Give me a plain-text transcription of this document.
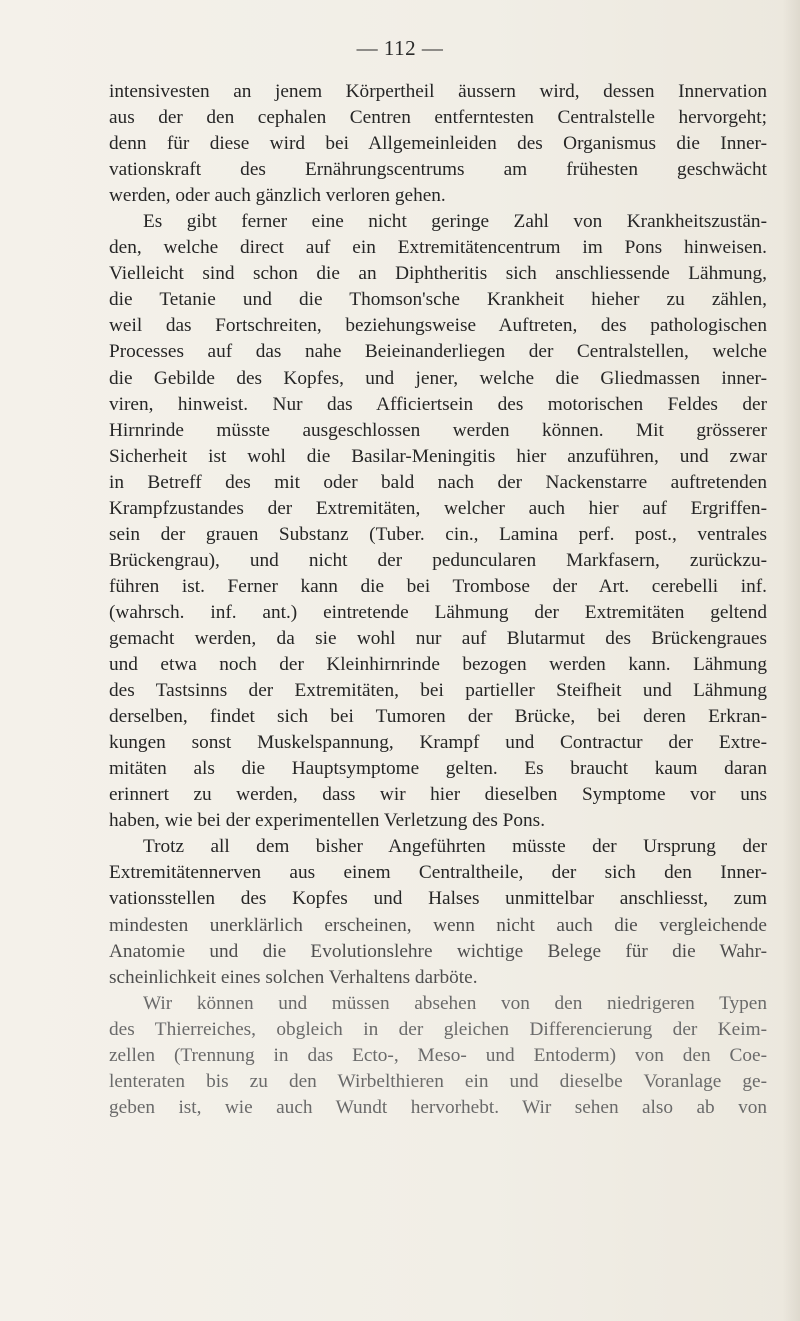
— 112 —
intensivesten an jenem Körpertheil äussern wird, dessen Innervation
aus der den cephalen Centren entferntesten Centralstelle hervorgeht;
denn für diese wird bei Allgemeinleiden des Organismus die Inner-
vationskraft des Ernährungscentrums am frühesten geschwächt
werden, oder auch gänzlich verloren gehen.
Es gibt ferner eine nicht geringe Zahl von Krankheitszustän-
den, welche direct auf ein Extremitätencentrum im Pons hinweisen.
Vielleicht sind schon die an Diphtheritis sich anschliessende Lähmung,
die Tetanie und die Thomson'sche Krankheit hieher zu zählen,
weil das Fortschreiten, beziehungsweise Auftreten, des pathologischen
Processes auf das nahe Beieinanderliegen der Centralstellen, welche
die Gebilde des Kopfes, und jener, welche die Gliedmassen inner-
viren, hinweist. Nur das Afficiertsein des motorischen Feldes der
Hirnrinde müsste ausgeschlossen werden können. Mit grösserer
Sicherheit ist wohl die Basilar-Meningitis hier anzuführen, und zwar
in Betreff des mit oder bald nach der Nackenstarre auftretenden
Krampfzustandes der Extremitäten, welcher auch hier auf Ergriffen-
sein der grauen Substanz (Tuber. cin., Lamina perf. post., ventrales
Brückengrau), und nicht der peduncularen Markfasern, zurückzu-
führen ist. Ferner kann die bei Trombose der Art. cerebelli inf.
(wahrsch. inf. ant.) eintretende Lähmung der Extremitäten geltend
gemacht werden, da sie wohl nur auf Blutarmut des Brückengraues
und etwa noch der Kleinhirnrinde bezogen werden kann. Lähmung
des Tastsinns der Extremitäten, bei partieller Steifheit und Lähmung
derselben, findet sich bei Tumoren der Brücke, bei deren Erkran-
kungen sonst Muskelspannung, Krampf und Contractur der Extre-
mitäten als die Hauptsymptome gelten. Es braucht kaum daran
erinnert zu werden, dass wir hier dieselben Symptome vor uns
haben, wie bei der experimentellen Verletzung des Pons.
Trotz all dem bisher Angeführten müsste der Ursprung der
Extremitätennerven aus einem Centraltheile, der sich den Inner-
vationsstellen des Kopfes und Halses unmittelbar anschliesst, zum
mindesten unerklärlich erscheinen, wenn nicht auch die vergleichende
Anatomie und die Evolutionslehre wichtige Belege für die Wahr-
scheinlichkeit eines solchen Verhaltens darböte.
Wir können und müssen absehen von den niedrigeren Typen
des Thierreiches, obgleich in der gleichen Differencierung der Keim-
zellen (Trennung in das Ecto-, Meso- und Entoderm) von den Coe-
lenteraten bis zu den Wirbelthieren ein und dieselbe Voranlage ge-
geben ist, wie auch Wundt hervorhebt. Wir sehen also ab von
